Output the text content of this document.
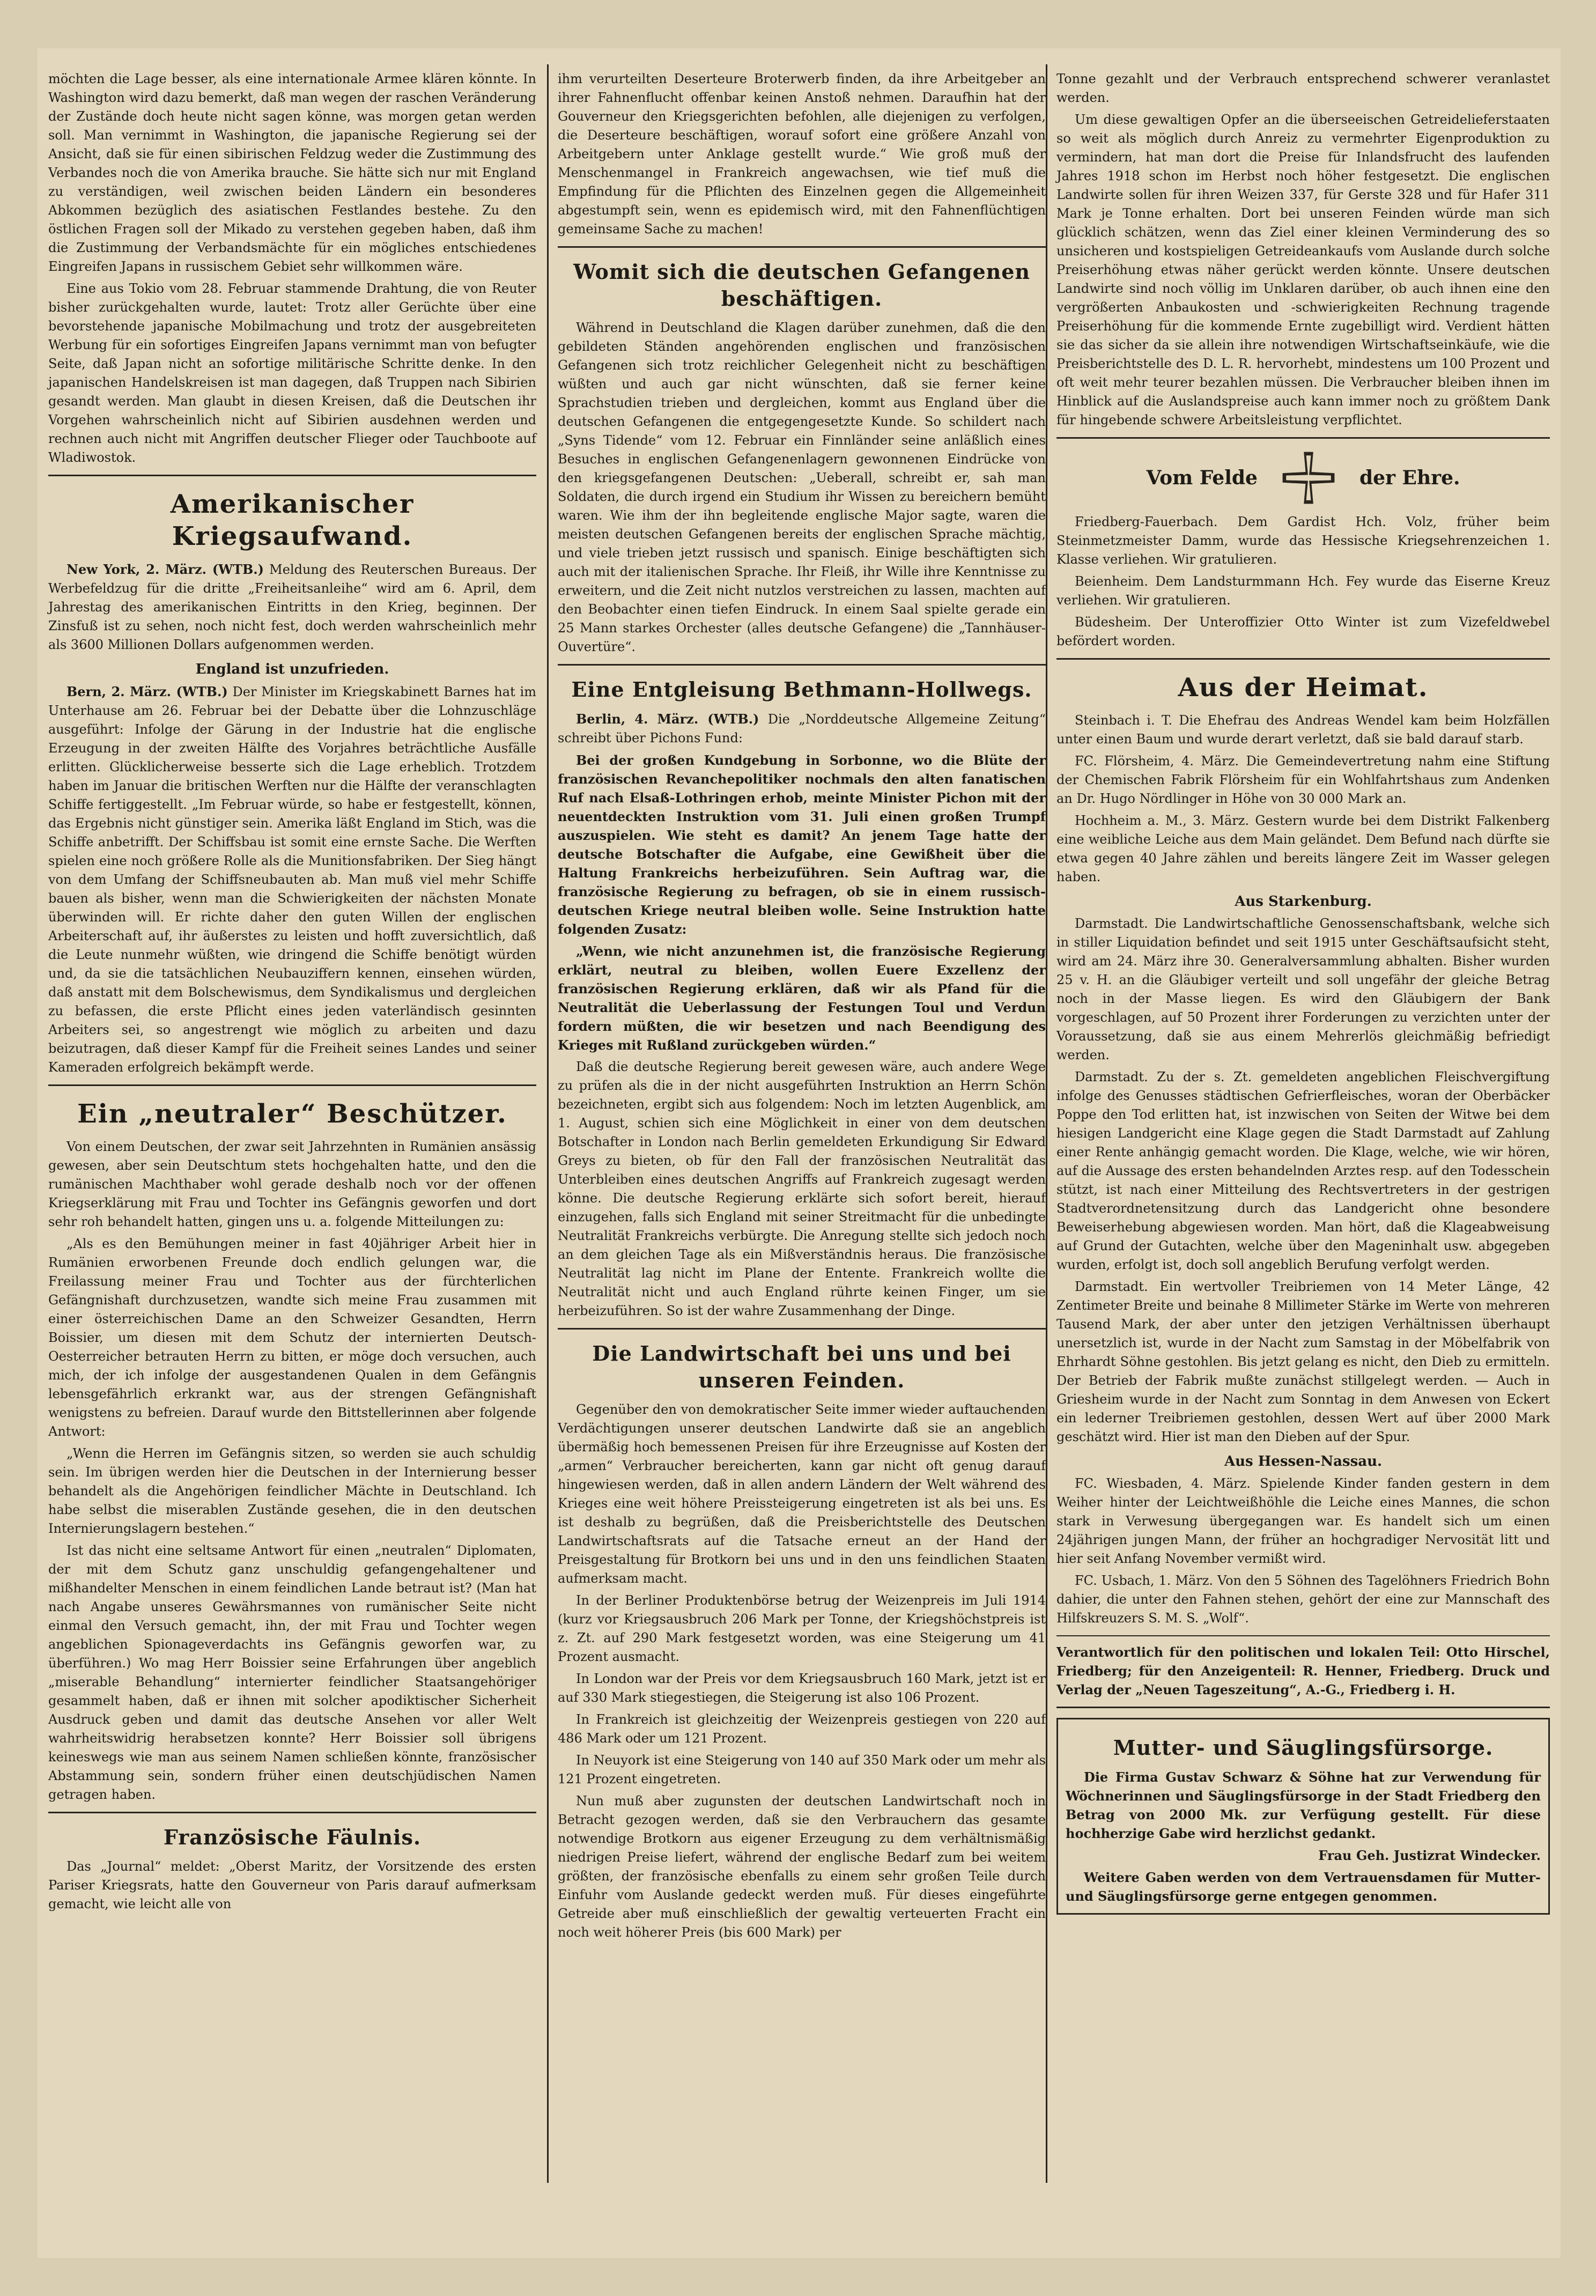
möchten die Lage besser, als eine internationale Armee klären könnte. In Washington wird dazu bemerkt, daß man wegen der raschen Veränderung der Zustände doch heute nicht sagen könne, was morgen getan werden soll. Man vernimmt in Washington, die japanische Regierung sei der Ansicht, daß sie für einen sibirischen Feldzug weder die Zustimmung des Verbandes noch die von Amerika brauche. Sie hätte sich nur mit England zu verständigen, weil zwischen beiden Ländern ein besonderes Abkommen bezüglich des asiatischen Festlandes bestehe. Zu den östlichen Fragen soll der Mikado zu verstehen gegeben haben, daß ihm die Zustimmung der Verbandsmächte für ein mögliches entschiedenes Eingreifen Japans in russischem Gebiet sehr willkommen wäre.

Eine aus Tokio vom 28. Februar stammende Drahtung, die von Reuter bisher zurückgehalten wurde, lautet: Trotz aller Gerüchte über eine bevorstehende japanische Mobilmachung und trotz der ausgebreiteten Werbung für ein sofortiges Eingreifen Japans vernimmt man von befugter Seite, daß Japan nicht an sofortige militärische Schritte denke. In den japanischen Handelskreisen ist man dagegen, daß Truppen nach Sibirien gesandt werden. Man glaubt in diesen Kreisen, daß die Deutschen ihr Vorgehen wahrscheinlich nicht auf Sibirien ausdehnen werden und rechnen auch nicht mit Angriffen deutscher Flieger oder Tauchboote auf Wladiwostok.

Amerikanischer Kriegsaufwand.

New York, 2. März. (WTB.) Meldung des Reuterschen Bureaus. Der Werbefeldzug für die dritte „Freiheitsanleihe“ wird am 6. April, dem Jahrestag des amerikanischen Eintritts in den Krieg, beginnen. Der Zinsfuß ist zu sehen, noch nicht fest, doch werden wahrscheinlich mehr als 3600 Millionen Dollars aufgenommen werden.

England ist unzufrieden.

Bern, 2. März. (WTB.) Der Minister im Kriegskabinett Barnes hat im Unterhause am 26. Februar bei der Debatte über die Lohnzuschläge ausgeführt: Infolge der Gärung in der Industrie hat die englische Erzeugung in der zweiten Hälfte des Vorjahres beträchtliche Ausfälle erlitten. Glücklicherweise besserte sich die Lage erheblich. Trotzdem haben im Januar die britischen Werften nur die Hälfte der veranschlagten Schiffe fertiggestellt. „Im Februar würde, so habe er festgestellt, können, das Ergebnis nicht günstiger sein. Amerika läßt England im Stich, was die Schiffe anbetrifft. Der Schiffsbau ist somit eine ernste Sache. Die Werften spielen eine noch größere Rolle als die Munitionsfabriken. Der Sieg hängt von dem Umfang der Schiffsneubauten ab. Man muß viel mehr Schiffe bauen als bisher, wenn man die Schwierigkeiten der nächsten Monate überwinden will. Er richte daher den guten Willen der englischen Arbeiterschaft auf, ihr äußerstes zu leisten und hofft zuversichtlich, daß die Leute nunmehr wüßten, wie dringend die Schiffe benötigt würden und, da sie die tatsächlichen Neubauziffern kennen, einsehen würden, daß anstatt mit dem Bolschewismus, dem Syndikalismus und dergleichen zu befassen, die erste Pflicht eines jeden vaterländisch gesinnten Arbeiters sei, so angestrengt wie möglich zu arbeiten und dazu beizutragen, daß dieser Kampf für die Freiheit seines Landes und seiner Kameraden erfolgreich bekämpft werde.

Ein „neutraler“ Beschützer.

Von einem Deutschen, der zwar seit Jahrzehnten in Rumänien ansässig gewesen, aber sein Deutschtum stets hochgehalten hatte, und den die rumänischen Machthaber wohl gerade deshalb noch vor der offenen Kriegserklärung mit Frau und Tochter ins Gefängnis geworfen und dort sehr roh behandelt hatten, gingen uns u. a. folgende Mitteilungen zu:

„Als es den Bemühungen meiner in fast 40jähriger Arbeit hier in Rumänien erworbenen Freunde doch endlich gelungen war, die Freilassung meiner Frau und Tochter aus der fürchterlichen Gefängnishaft durchzusetzen, wandte sich meine Frau zusammen mit einer österreichischen Dame an den Schweizer Gesandten, Herrn Boissier, um diesen mit dem Schutz der internierten Deutsch-Oesterreicher betrauten Herrn zu bitten, er möge doch versuchen, auch mich, der ich infolge der ausgestandenen Qualen in dem Gefängnis lebensgefährlich erkrankt war, aus der strengen Gefängnishaft wenigstens zu befreien. Darauf wurde den Bittstellerinnen aber folgende Antwort:

„Wenn die Herren im Gefängnis sitzen, so werden sie auch schuldig sein. Im übrigen werden hier die Deutschen in der Internierung besser behandelt als die Angehörigen feindlicher Mächte in Deutschland. Ich habe selbst die miserablen Zustände gesehen, die in den deutschen Internierungslagern bestehen.“

Ist das nicht eine seltsame Antwort für einen „neutralen“ Diplomaten, der mit dem Schutz ganz unschuldig gefangengehaltener und mißhandelter Menschen in einem feindlichen Lande betraut ist? (Man hat nach Angabe unseres Gewährsmannes von rumänischer Seite nicht einmal den Versuch gemacht, ihn, der mit Frau und Tochter wegen angeblichen Spionageverdachts ins Gefängnis geworfen war, zu überführen.) Wo mag Herr Boissier seine Erfahrungen über angeblich „miserable Behandlung“ internierter feindlicher Staatsangehöriger gesammelt haben, daß er ihnen mit solcher apodiktischer Sicherheit Ausdruck geben und damit das deutsche Ansehen vor aller Welt wahrheitswidrig herabsetzen konnte? Herr Boissier soll übrigens keineswegs wie man aus seinem Namen schließen könnte, französischer Abstammung sein, sondern früher einen deutschjüdischen Namen getragen haben.

Französische Fäulnis.

Das „Journal“ meldet: „Oberst Maritz, der Vorsitzende des ersten Pariser Kriegsrats, hatte den Gouverneur von Paris darauf aufmerksam gemacht, wie leicht alle von

ihm verurteilten Deserteure Broterwerb finden, da ihre Arbeitgeber an ihrer Fahnenflucht offenbar keinen Anstoß nehmen. Daraufhin hat der Gouverneur den Kriegsgerichten befohlen, alle diejenigen zu verfolgen, die Deserteure beschäftigen, worauf sofort eine größere Anzahl von Arbeitgebern unter Anklage gestellt wurde.“ Wie groß muß der Menschenmangel in Frankreich angewachsen, wie tief muß die Empfindung für die Pflichten des Einzelnen gegen die Allgemeinheit abgestumpft sein, wenn es epidemisch wird, mit den Fahnenflüchtigen gemeinsame Sache zu machen!

Womit sich die deutschen Gefangenen beschäftigen.

Während in Deutschland die Klagen darüber zunehmen, daß die den gebildeten Ständen angehörenden englischen und französischen Gefangenen sich trotz reichlicher Gelegenheit nicht zu beschäftigen wüßten und auch gar nicht wünschten, daß sie ferner keine Sprachstudien trieben und dergleichen, kommt aus England über die deutschen Gefangenen die entgegengesetzte Kunde. So schildert nach „Syns Tidende“ vom 12. Februar ein Finnländer seine anläßlich eines Besuches in englischen Gefangenenlagern gewonnenen Eindrücke von den kriegsgefangenen Deutschen: „Ueberall, schreibt er, sah man Soldaten, die durch irgend ein Studium ihr Wissen zu bereichern bemüht waren. Wie ihm der ihn begleitende englische Major sagte, waren die meisten deutschen Gefangenen bereits der englischen Sprache mächtig, und viele trieben jetzt russisch und spanisch. Einige beschäftigten sich auch mit der italienischen Sprache. Ihr Fleiß, ihr Wille ihre Kenntnisse zu erweitern, und die Zeit nicht nutzlos verstreichen zu lassen, machten auf den Beobachter einen tiefen Eindruck. In einem Saal spielte gerade ein 25 Mann starkes Orchester (alles deutsche Gefangene) die „Tannhäuser-Ouvertüre“.

Eine Entgleisung Bethmann-Hollwegs.

Berlin, 4. März. (WTB.) Die „Norddeutsche Allgemeine Zeitung“ schreibt über Pichons Fund:

Bei der großen Kundgebung in Sorbonne, wo die Blüte der französischen Revanchepolitiker nochmals den alten fanatischen Ruf nach Elsaß-Lothringen erhob, meinte Minister Pichon mit der neuentdeckten Instruktion vom 31. Juli einen großen Trumpf auszuspielen. Wie steht es damit? An jenem Tage hatte der deutsche Botschafter die Aufgabe, eine Gewißheit über die Haltung Frankreichs herbeizuführen. Sein Auftrag war, die französische Regierung zu befragen, ob sie in einem russisch-deutschen Kriege neutral bleiben wolle. Seine Instruktion hatte folgenden Zusatz:

„Wenn, wie nicht anzunehmen ist, die französische Regierung erklärt, neutral zu bleiben, wollen Euere Exzellenz der französischen Regierung erklären, daß wir als Pfand für die Neutralität die Ueberlassung der Festungen Toul und Verdun fordern müßten, die wir besetzen und nach Beendigung des Krieges mit Rußland zurückgeben würden.“

Daß die deutsche Regierung bereit gewesen wäre, auch andere Wege zu prüfen als die in der nicht ausgeführten Instruktion an Herrn Schön bezeichneten, ergibt sich aus folgendem: Noch im letzten Augenblick, am 1. August, schien sich eine Möglichkeit in einer von dem deutschen Botschafter in London nach Berlin gemeldeten Erkundigung Sir Edward Greys zu bieten, ob für den Fall der französischen Neutralität das Unterbleiben eines deutschen Angriffs auf Frankreich zugesagt werden könne. Die deutsche Regierung erklärte sich sofort bereit, hierauf einzugehen, falls sich England mit seiner Streitmacht für die unbedingte Neutralität Frankreichs verbürgte. Die Anregung stellte sich jedoch noch an dem gleichen Tage als ein Mißverständnis heraus. Die französische Neutralität lag nicht im Plane der Entente. Frankreich wollte die Neutralität nicht und auch England rührte keinen Finger, um sie herbeizuführen. So ist der wahre Zusammenhang der Dinge.

Die Landwirtschaft bei uns und bei unseren Feinden.

Gegenüber den von demokratischer Seite immer wieder auftauchenden Verdächtigungen unserer deutschen Landwirte daß sie an angeblich übermäßig hoch bemessenen Preisen für ihre Erzeugnisse auf Kosten der „armen“ Verbraucher bereicherten, kann gar nicht oft genug darauf hingewiesen werden, daß in allen andern Ländern der Welt während des Krieges eine weit höhere Preissteigerung eingetreten ist als bei uns. Es ist deshalb zu begrüßen, daß die Preisberichtstelle des Deutschen Landwirtschaftsrats auf die Tatsache erneut an der Hand der Preisgestaltung für Brotkorn bei uns und in den uns feindlichen Staaten aufmerksam macht.

In der Berliner Produktenbörse betrug der Weizenpreis im Juli 1914 (kurz vor Kriegsausbruch 206 Mark per Tonne, der Kriegshöchstpreis ist z. Zt. auf 290 Mark festgesetzt worden, was eine Steigerung um 41 Prozent ausmacht.

In London war der Preis vor dem Kriegsausbruch 160 Mark, jetzt ist er auf 330 Mark stiegestiegen, die Steigerung ist also 106 Prozent.

In Frankreich ist gleichzeitig der Weizenpreis gestiegen von 220 auf 486 Mark oder um 121 Prozent.

In Neuyork ist eine Steigerung von 140 auf 350 Mark oder um mehr als 121 Prozent eingetreten.

Nun muß aber zugunsten der deutschen Landwirtschaft noch in Betracht gezogen werden, daß sie den Verbrauchern das gesamte notwendige Brotkorn aus eigener Erzeugung zu dem verhältnismäßig niedrigen Preise liefert, während der englische Bedarf zum bei weitem größten, der französische ebenfalls zu einem sehr großen Teile durch Einfuhr vom Auslande gedeckt werden muß. Für dieses eingeführte Getreide aber muß einschließlich der gewaltig verteuerten Fracht ein noch weit höherer Preis (bis 600 Mark) per

Tonne gezahlt und der Verbrauch entsprechend schwerer veranlastet werden.

Um diese gewaltigen Opfer an die überseeischen Getreidelieferstaaten so weit als möglich durch Anreiz zu vermehrter Eigenproduktion zu vermindern, hat man dort die Preise für Inlandsfrucht des laufenden Jahres 1918 schon im Herbst noch höher festgesetzt. Die englischen Landwirte sollen für ihren Weizen 337, für Gerste 328 und für Hafer 311 Mark je Tonne erhalten. Dort bei unseren Feinden würde man sich glücklich schätzen, wenn das Ziel einer kleinen Verminderung des so unsicheren und kostspieligen Getreideankaufs vom Auslande durch solche Preiserhöhung etwas näher gerückt werden könnte. Unsere deutschen Landwirte sind noch völlig im Unklaren darüber, ob auch ihnen eine den vergrößerten Anbaukosten und -schwierigkeiten Rechnung tragende Preiserhöhung für die kommende Ernte zugebilligt wird. Verdient hätten sie das sicher da sie allein ihre notwendigen Wirtschaftseinkäufe, wie die Preisberichtstelle des D. L. R. hervorhebt, mindestens um 100 Prozent und oft weit mehr teurer bezahlen müssen. Die Verbraucher bleiben ihnen im Hinblick auf die Auslandspreise auch kann immer noch zu größtem Dank für hingebende schwere Arbeitsleistung verpflichtet.

Vom Felde	der Ehre.

Friedberg-Fauerbach. Dem Gardist Hch. Volz, früher beim Steinmetzmeister Damm, wurde das Hessische Kriegsehrenzeichen 1. Klasse verliehen. Wir gratulieren.

Beienheim. Dem Landsturmmann Hch. Fey wurde das Eiserne Kreuz verliehen. Wir gratulieren.

Büdesheim. Der Unteroffizier Otto Winter ist zum Vizefeldwebel befördert worden.

Aus der Heimat.

Steinbach i. T. Die Ehefrau des Andreas Wendel kam beim Holzfällen unter einen Baum und wurde derart verletzt, daß sie bald darauf starb.

FC. Flörsheim, 4. März. Die Gemeindevertretung nahm eine Stiftung der Chemischen Fabrik Flörsheim für ein Wohlfahrtshaus zum Andenken an Dr. Hugo Nördlinger in Höhe von 30 000 Mark an.

Hochheim a. M., 3. März. Gestern wurde bei dem Distrikt Falkenberg eine weibliche Leiche aus dem Main geländet. Dem Befund nach dürfte sie etwa gegen 40 Jahre zählen und bereits längere Zeit im Wasser gelegen haben.

Aus Starkenburg.

Darmstadt. Die Landwirtschaftliche Genossenschaftsbank, welche sich in stiller Liquidation befindet und seit 1915 unter Geschäftsaufsicht steht, wird am 24. März ihre 30. Generalversammlung abhalten. Bisher wurden 25 v. H. an die Gläubiger verteilt und soll ungefähr der gleiche Betrag noch in der Masse liegen. Es wird den Gläubigern der Bank vorgeschlagen, auf 50 Prozent ihrer Forderungen zu verzichten unter der Voraussetzung, daß sie aus einem Mehrerlös gleichmäßig befriedigt werden.

Darmstadt. Zu der s. Zt. gemeldeten angeblichen Fleischvergiftung infolge des Genusses städtischen Gefrierfleisches, woran der Oberbäcker Poppe den Tod erlitten hat, ist inzwischen von Seiten der Witwe bei dem hiesigen Landgericht eine Klage gegen die Stadt Darmstadt auf Zahlung einer Rente anhängig gemacht worden. Die Klage, welche, wie wir hören, auf die Aussage des ersten behandelnden Arztes resp. auf den Todesschein stützt, ist nach einer Mitteilung des Rechtsvertreters in der gestrigen Stadtverordnetensitzung durch das Landgericht ohne besondere Beweiserhebung abgewiesen worden. Man hört, daß die Klageabweisung auf Grund der Gutachten, welche über den Mageninhalt usw. abgegeben wurden, erfolgt ist, doch soll angeblich Berufung verfolgt werden.

Darmstadt. Ein wertvoller Treibriemen von 14 Meter Länge, 42 Zentimeter Breite und beinahe 8 Millimeter Stärke im Werte von mehreren Tausend Mark, der aber unter den jetzigen Verhältnissen überhaupt unersetzlich ist, wurde in der Nacht zum Samstag in der Möbelfabrik von Ehrhardt Söhne gestohlen. Bis jetzt gelang es nicht, den Dieb zu ermitteln. Der Betrieb der Fabrik mußte zunächst stillgelegt werden. — Auch in Griesheim wurde in der Nacht zum Sonntag in dem Anwesen von Eckert ein lederner Treibriemen gestohlen, dessen Wert auf über 2000 Mark geschätzt wird. Hier ist man den Dieben auf der Spur.

Aus Hessen-Nassau.

FC. Wiesbaden, 4. März. Spielende Kinder fanden gestern in dem Weiher hinter der Leichtweißhöhle die Leiche eines Mannes, die schon stark in Verwesung übergegangen war. Es handelt sich um einen 24jährigen jungen Mann, der früher an hochgradiger Nervosität litt und hier seit Anfang November vermißt wird.

FC. Usbach, 1. März. Von den 5 Söhnen des Tagelöhners Friedrich Bohn dahier, die unter den Fahnen stehen, gehört der eine zur Mannschaft des Hilfskreuzers S. M. S. „Wolf“.

Verantwortlich für den politischen und lokalen Teil: Otto Hirschel, Friedberg; für den Anzeigenteil: R. Henner, Friedberg. Druck und Verlag der „Neuen Tageszeitung“, A.-G., Friedberg i. H.

Mutter- und Säuglingsfürsorge.

Die Firma Gustav Schwarz & Söhne hat zur Verwendung für Wöchnerinnen und Säuglingsfürsorge in der Stadt Friedberg den Betrag von 2000 Mk. zur Verfügung gestellt. Für diese hochherzige Gabe wird herzlichst gedankt.

Frau Geh. Justizrat Windecker.

Weitere Gaben werden von dem Vertrauensdamen für Mutter- und Säuglingsfürsorge gerne entgegen genommen.
